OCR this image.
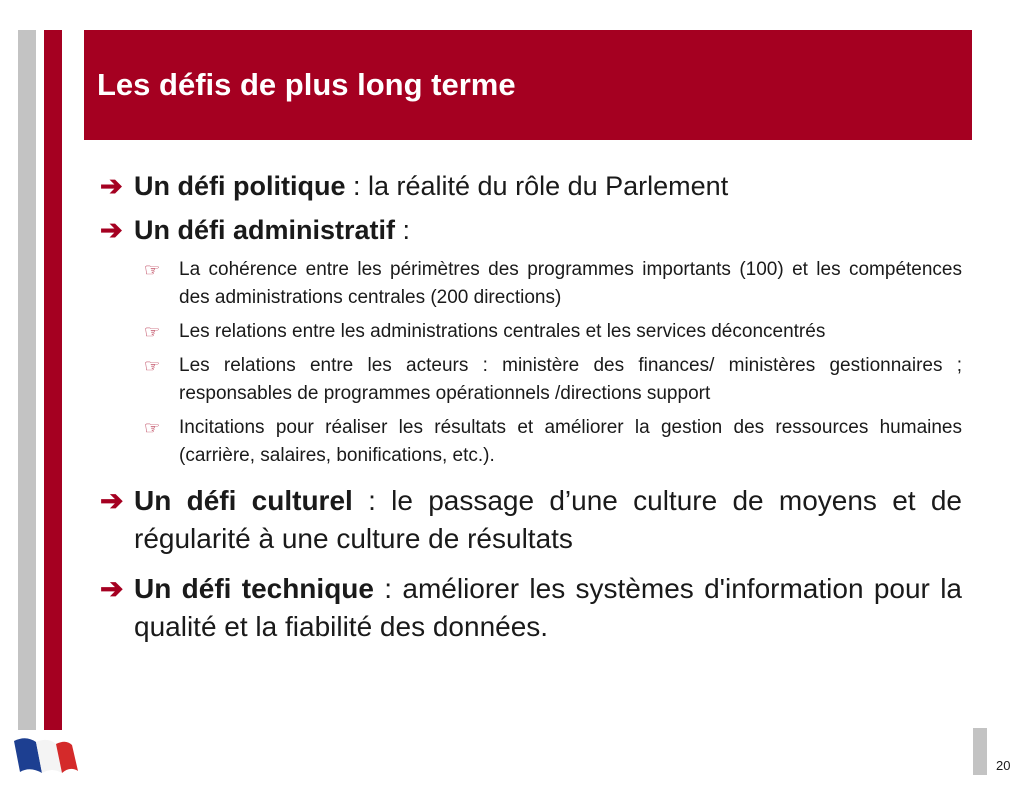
Les défis de plus long terme
➔ Un défi politique : la réalité du rôle du Parlement
➔ Un défi administratif :
☞ La cohérence entre les périmètres des programmes importants (100) et les compétences des administrations centrales (200 directions)
☞ Les relations entre les administrations centrales et les services déconcentrés
☞ Les relations entre les acteurs : ministère des finances/ ministères gestionnaires ; responsables de programmes opérationnels /directions support
☞ Incitations pour réaliser les résultats et améliorer la gestion des ressources humaines (carrière, salaires, bonifications, etc.).
➔ Un défi culturel : le passage d’une culture de moyens et de régularité à une culture de résultats
➔ Un défi technique : améliorer les systèmes d'information pour la qualité et la fiabilité des données.
20
